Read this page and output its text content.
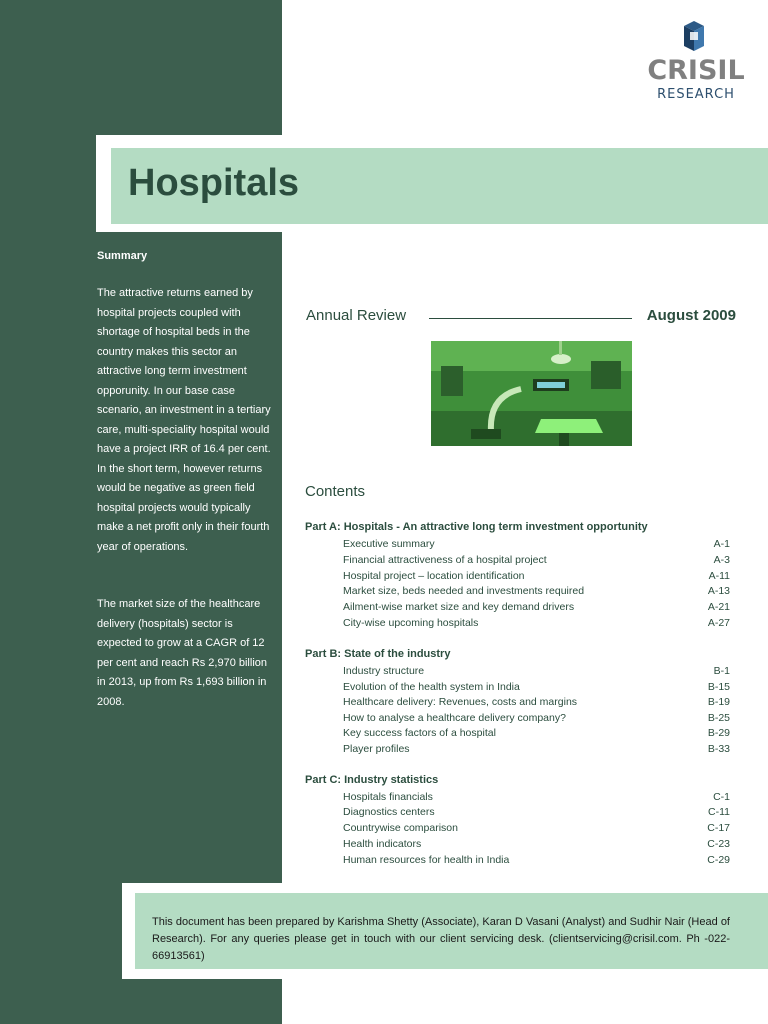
CRISIL
RESEARCH
Hospitals
Summary
The attractive returns earned by hospital projects coupled with shortage of hospital beds in the country makes this sector an attractive long term investment opporunity. In our base case scenario, an investment in a tertiary care, multi-speciality hospital would have a project IRR of 16.4 per cent. In the short term, however returns would be negative as green field hospital projects would typically make a net profit only in their fourth year of operations.
The market size of the healthcare delivery (hospitals) sector is expected to grow at a CAGR of 12 per cent and reach Rs 2,970 billion in 2013, up from Rs 1,693 billion in 2008.
Annual Review	August 2009
Contents
Part A: Hospitals - An attractive long term investment opportunity
Executive summary	A-1
Financial attractiveness of a hospital project	A-3
Hospital project – location identification	A-11
Market size, beds needed and investments required	A-13
Ailment-wise market size and key demand drivers	A-21
City-wise upcoming hospitals	A-27
Part B: State of the industry
Industry structure	B-1
Evolution of the health system in India	B-15
Healthcare delivery: Revenues, costs and margins	B-19
How to analyse a healthcare delivery company?	B-25
Key success factors of a hospital	B-29
Player profiles	B-33
Part C: Industry statistics
Hospitals financials	C-1
Diagnostics centers	C-11
Countrywise comparison	C-17
Health indicators	C-23
Human resources for health in India	C-29
This document has been prepared by Karishma Shetty (Associate), Karan D Vasani (Analyst) and Sudhir Nair (Head of Research). For any queries please get in touch with our client servicing desk. (clientservicing@crisil.com. Ph -022-66913561)
